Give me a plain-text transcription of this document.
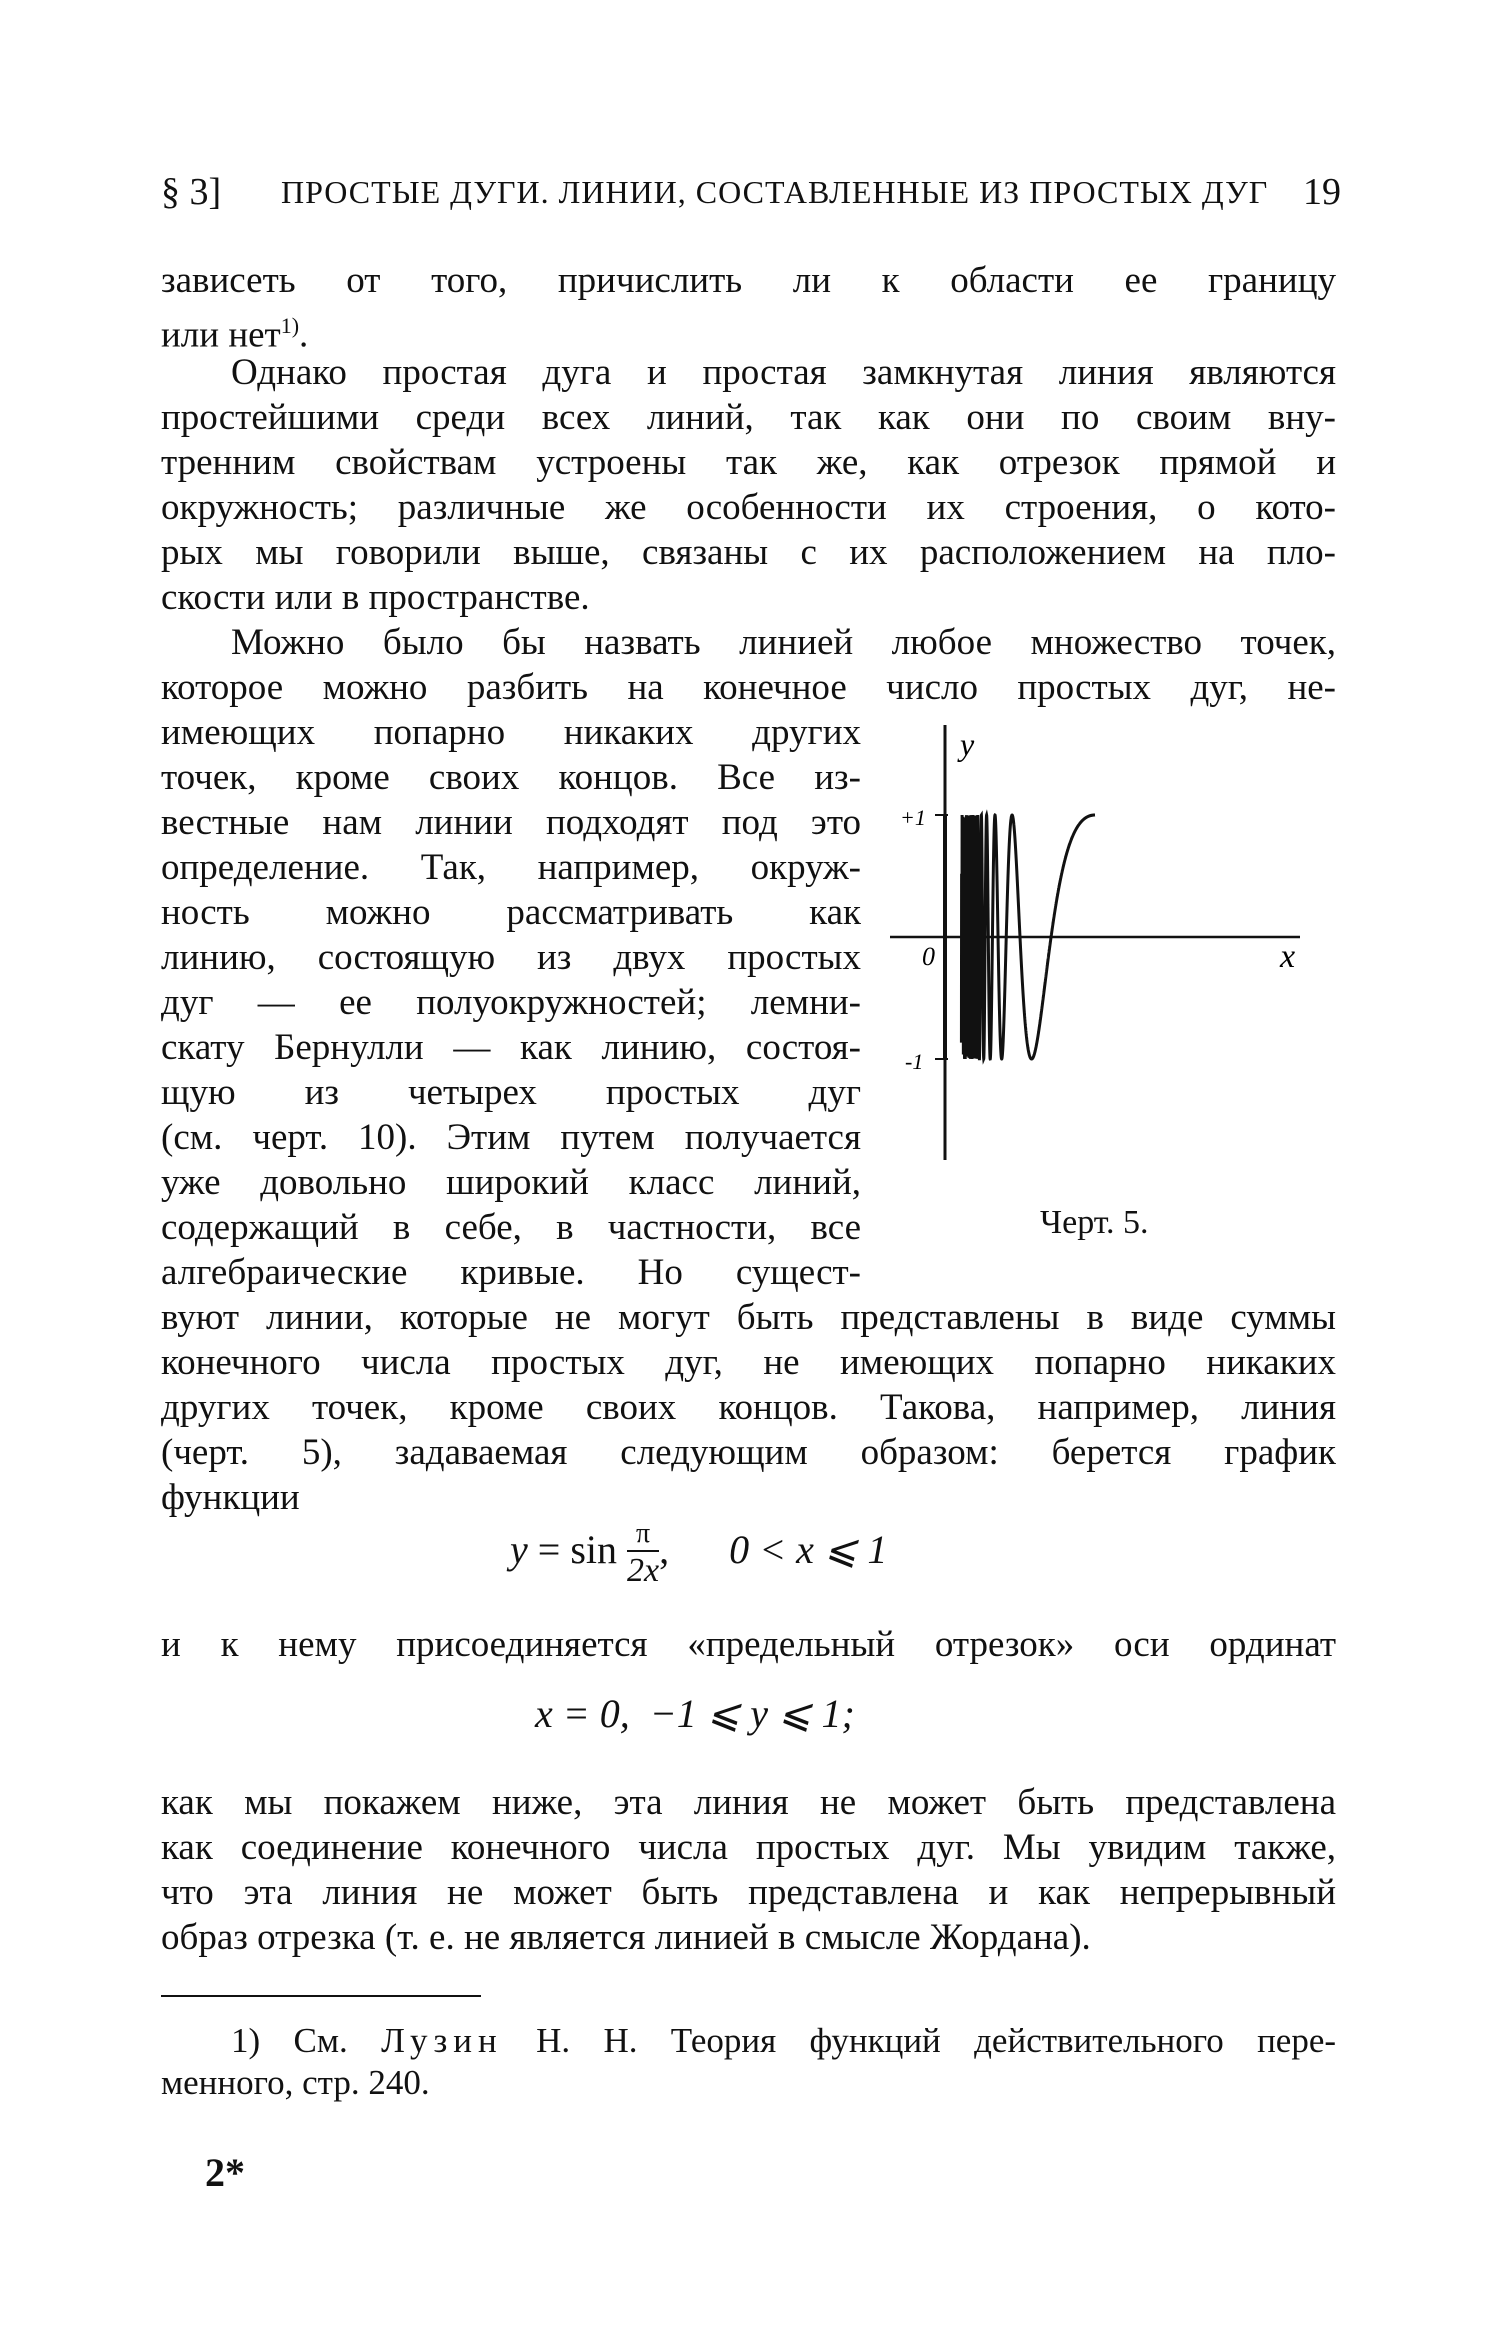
§ 3] ПРОСТЫЕ ДУГИ. ЛИНИИ, СОСТАВЛЕННЫЕ ИЗ ПРОСТЫХ ДУГ 19
зависеть от того, причислить ли к области ее границу
или нет$^{1)}$.
Однако простая дуга и простая замкнутая линия являются
простейшими среди всех линий, так как они по своим вну-
тренним свойствам устроены так же, как отрезок прямой и
окружность; различные же особенности их строения, о кото-
рых мы говорили выше, связаны с их расположением на пло-
скости или в пространстве.
Можно было бы назвать линией любое множество точек,
которое можно разбить на конечное число простых дуг, не-
имеющих попарно никаких других
точек, кроме своих концов. Все из-
вестные нам линии подходят под это
определение. Так, например, окруж-
ность можно рассматривать как
линию, состоящую из двух простых
дуг — ее полуокружностей; лемни-
скату Бернулли — как линию, состоя-
щую из четырех простых дуг
(см. черт. 10). Этим путем получается
уже довольно широкий класс линий,
содержащий в себе, в частности, все
алгебраические кривые. Но сущест-
y
x
0
+1
-1
Черт. 5.
вуют линии, которые не могут быть представлены в виде суммы
конечного числа простых дуг, не имеющих попарно никаких
других точек, кроме своих концов. Такова, например, линия
(черт. 5), задаваемая следующим образом: берется график
функции
$y = \sin \frac{\pi}{2x}$ , 0 < x ⩽ 1
и к нему присоединяется «предельный отрезок» оси ординат
x = 0,  −1 ⩽ y ⩽ 1;
как мы покажем ниже, эта линия не может быть представлена
как соединение конечного числа простых дуг. Мы увидим также,
что эта линия не может быть представлена и как непрерывный
образ отрезка (т. е. не является линией в смысле Жордана).
1) См. Лузин Н. Н. Теория функций действительного пере-
менного, стр. 240.
2*
